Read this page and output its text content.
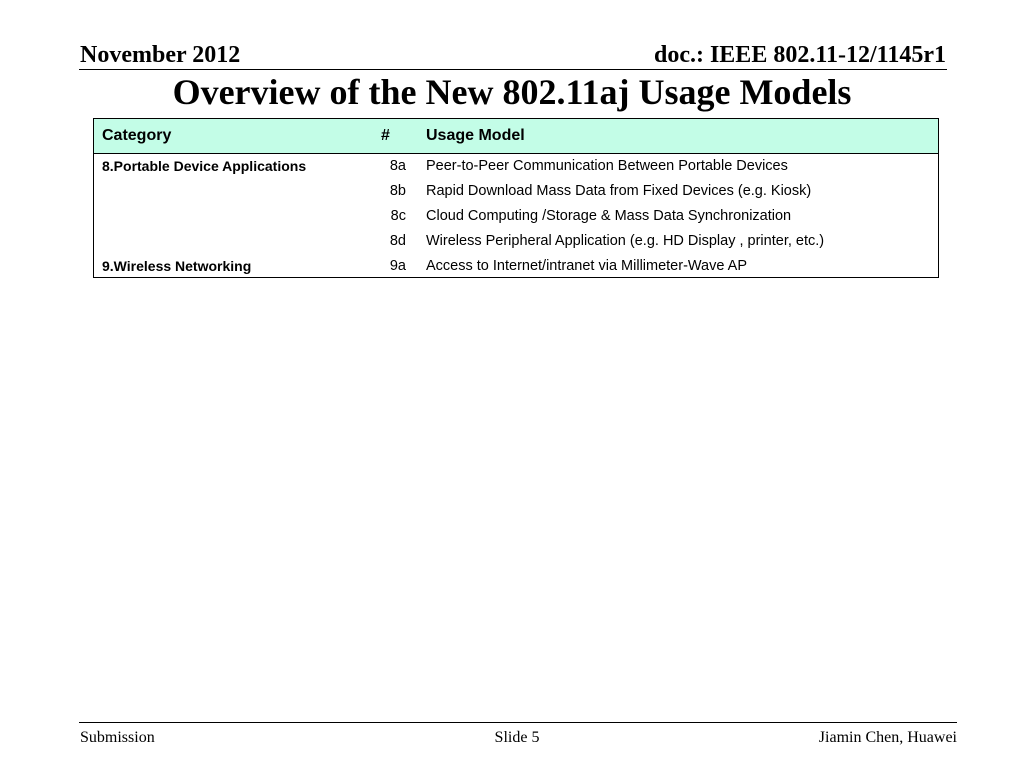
November 2012	doc.: IEEE 802.11-12/1145r1
Overview of the New 802.11aj Usage Models
Category	# Usage Model
8.Portable Device Applications	8a Peer-to-Peer Communication Between Portable Devices
8b Rapid Download Mass Data from Fixed Devices (e.g. Kiosk)
8c Cloud Computing /Storage & Mass Data Synchronization
8d Wireless Peripheral Application (e.g. HD Display , printer, etc.)
9.Wireless Networking	9a Access to Internet/intranet via Millimeter-Wave AP
Submission	Slide 5	Jiamin Chen, Huawei
